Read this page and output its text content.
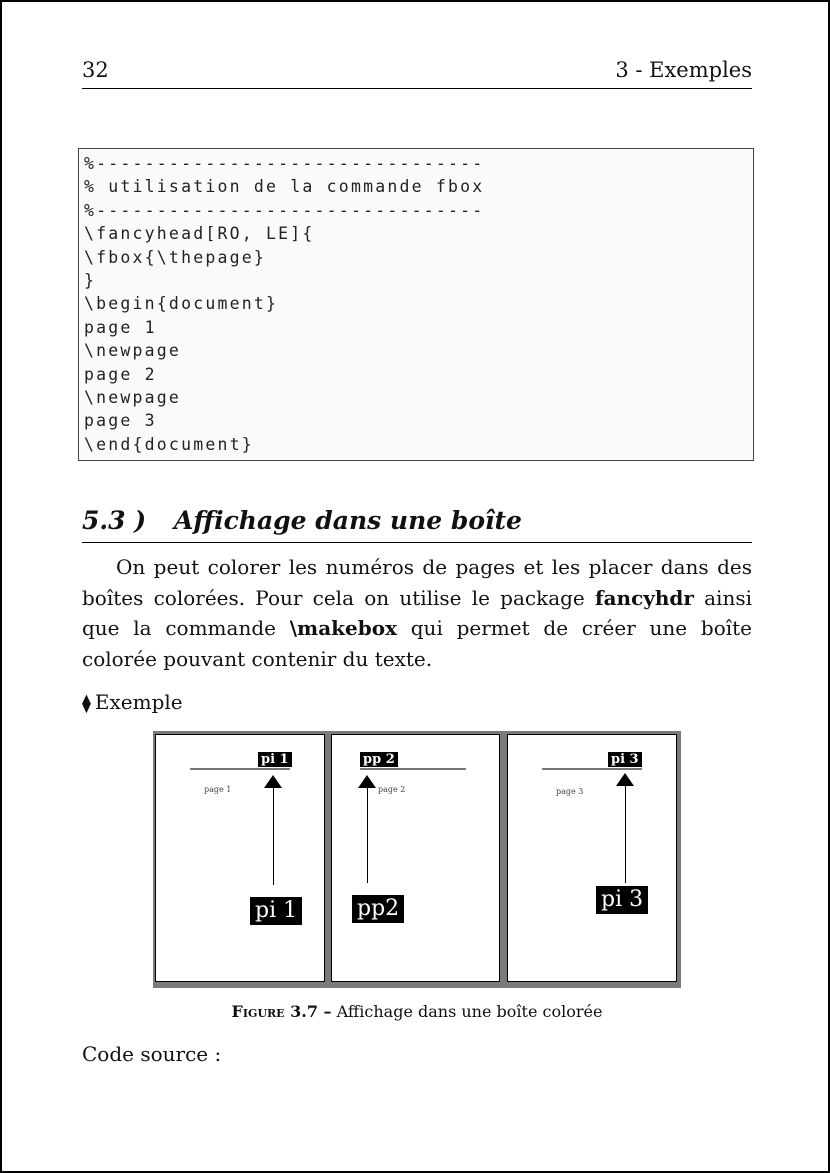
32	3 - Exemples
%--------------------------------
% utilisation de la commande fbox
%--------------------------------
\fancyhead[RO, LE]{
\fbox{\thepage}
}
\begin{document}
page 1
\newpage
page 2
\newpage
page 3
\end{document}
5.3 ) Affichage dans une boîte
On peut colorer les numéros de pages et les placer dans des boîtes colorées. Pour cela on utilise le package fancyhdr ainsi que la commande \makebox qui permet de créer une boîte colorée pouvant contenir du texte.
⧫ Exemple
pi 1
page 1
pi 1
pp 2
page 2
pp2
pi 3
page 3
pi 3
Figure 3.7 – Affichage dans une boîte colorée
Code source :
